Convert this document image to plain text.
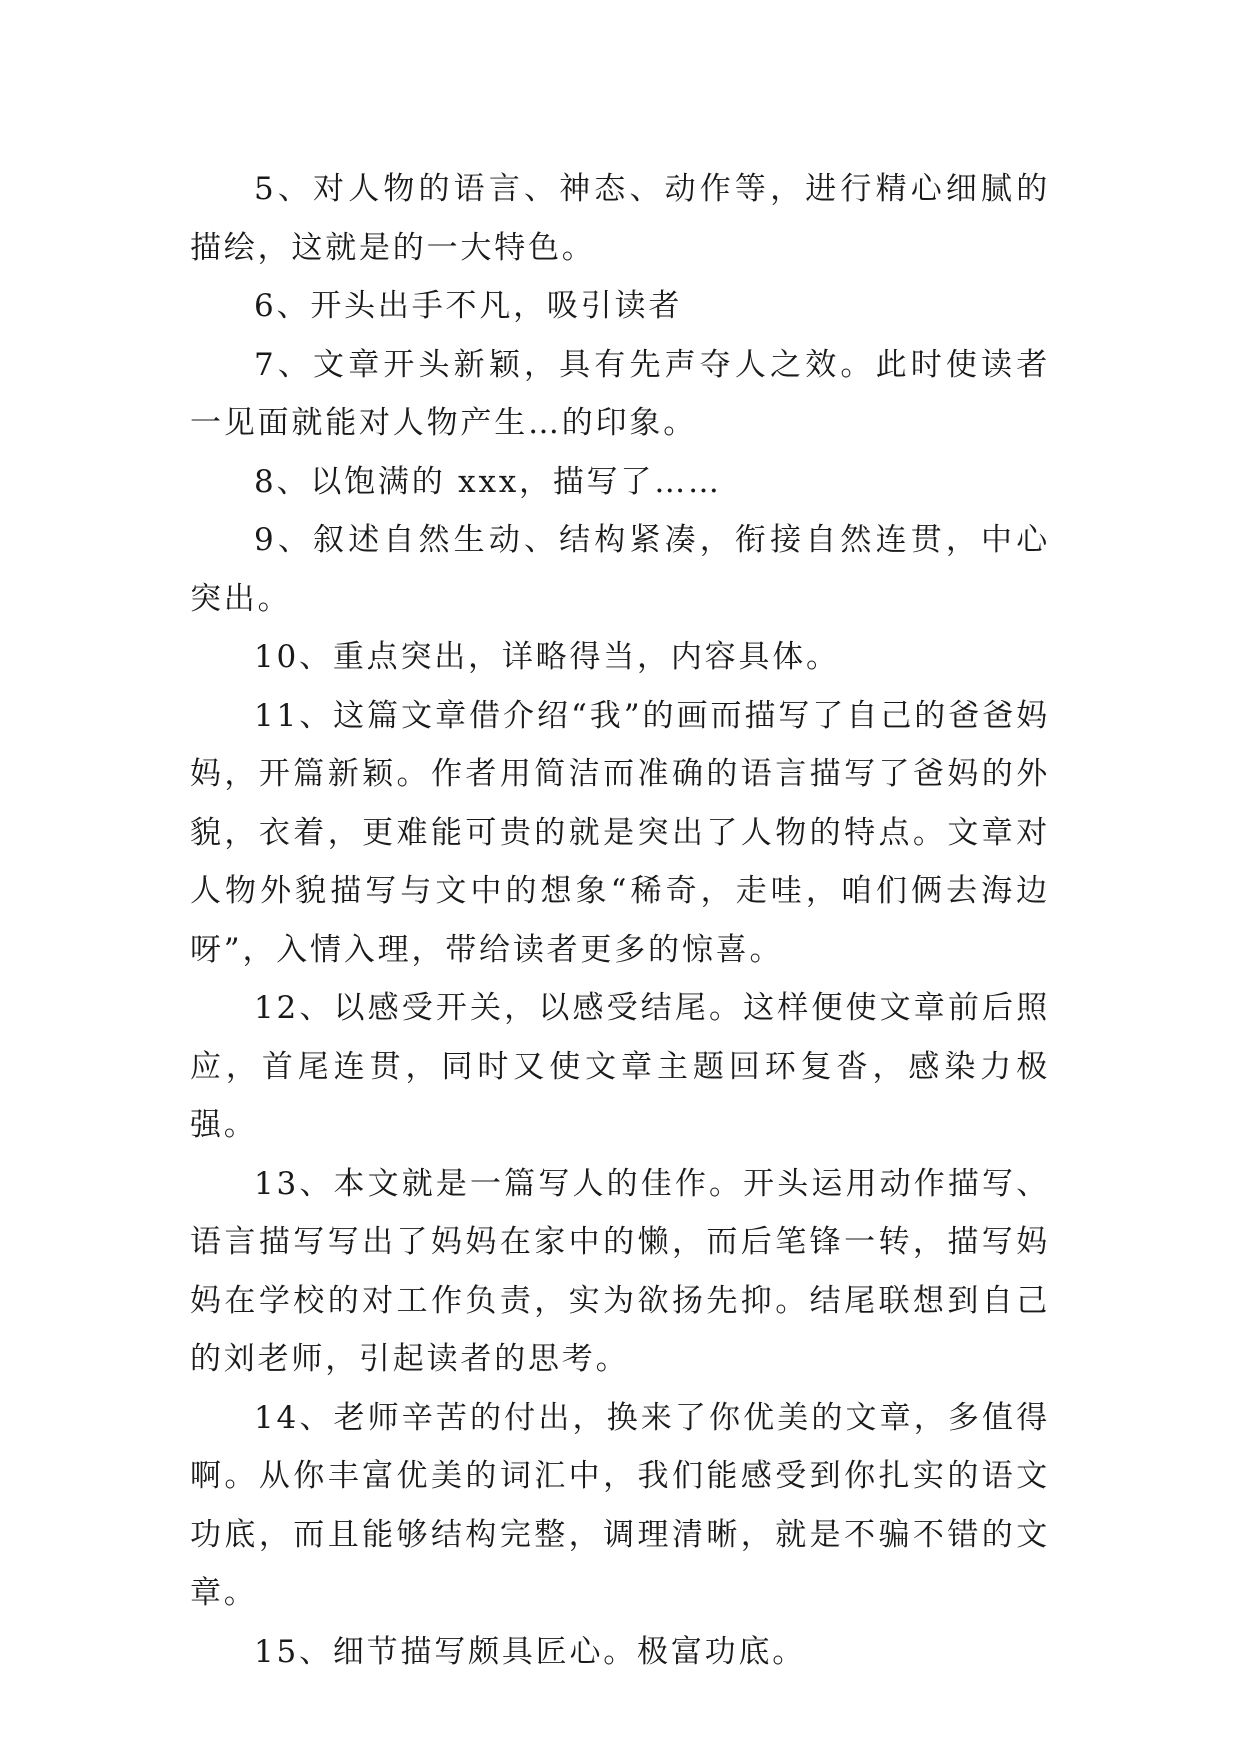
5、对人物的语言、神态、动作等，进行精心细腻的描绘，这就是的一大特色。

6、开头出手不凡，吸引读者

7、文章开头新颖，具有先声夺人之效。此时使读者一见面就能对人物产生…的印象。

8、以饱满的 xxx，描写了……

9、叙述自然生动、结构紧凑，衔接自然连贯，中心突出。

10、重点突出，详略得当，内容具体。

11、这篇文章借介绍“我”的画而描写了自己的爸爸妈妈，开篇新颖。作者用简洁而准确的语言描写了爸妈的外貌，衣着，更难能可贵的就是突出了人物的特点。文章对人物外貌描写与文中的想象“稀奇，走哇，咱们俩去海边呀”，入情入理，带给读者更多的惊喜。

12、以感受开关，以感受结尾。这样便使文章前后照应，首尾连贯，同时又使文章主题回环复沓，感染力极强。

13、本文就是一篇写人的佳作。开头运用动作描写、语言描写写出了妈妈在家中的懒，而后笔锋一转，描写妈妈在学校的对工作负责，实为欲扬先抑。结尾联想到自己的刘老师，引起读者的思考。

14、老师辛苦的付出，换来了你优美的文章，多值得啊。从你丰富优美的词汇中，我们能感受到你扎实的语文功底，而且能够结构完整，调理清晰，就是不骗不错的文章。

15、细节描写颇具匠心。极富功底。
